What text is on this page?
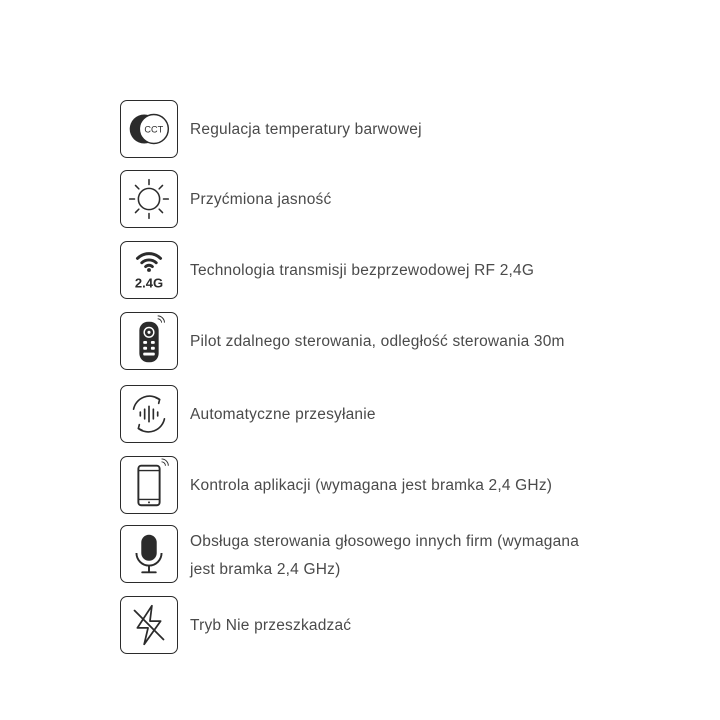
CCT Regulacja temperatury barwowej
Przyćmiona jasność
2.4G
Technologia transmisji bezprzewodowej RF 2,4G
Pilot zdalnego sterowania, odległość sterowania 30m
Automatyczne przesyłanie
Kontrola aplikacji (wymagana jest bramka 2,4 GHz)
Obsługa sterowania głosowego innych firm (wymagana
jest bramka 2,4 GHz)
Tryb Nie przeszkadzać
